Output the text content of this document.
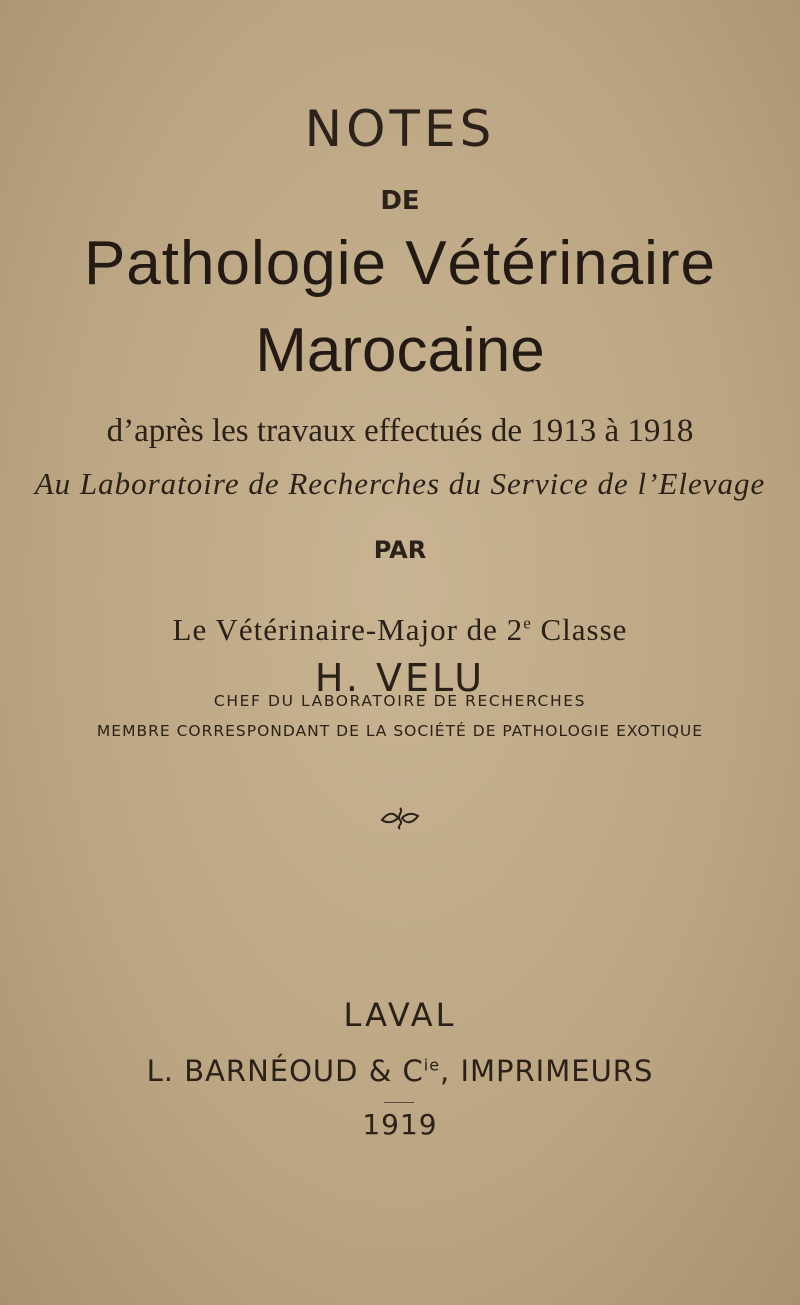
NOTES
DE
Pathologie Vétérinaire
Marocaine
d’après les travaux effectués de 1913 à 1918
Au Laboratoire de Recherches du Service de l’Elevage
PAR
Le Vétérinaire-Major de 2e Classe
H. VELU
CHEF DU LABORATOIRE DE RECHERCHES
MEMBRE CORRESPONDANT DE LA SOCIÉTÉ DE PATHOLOGIE EXOTIQUE
LAVAL
L. BARNÉOUD & $C^{ie}$, IMPRIMEURS
1919
